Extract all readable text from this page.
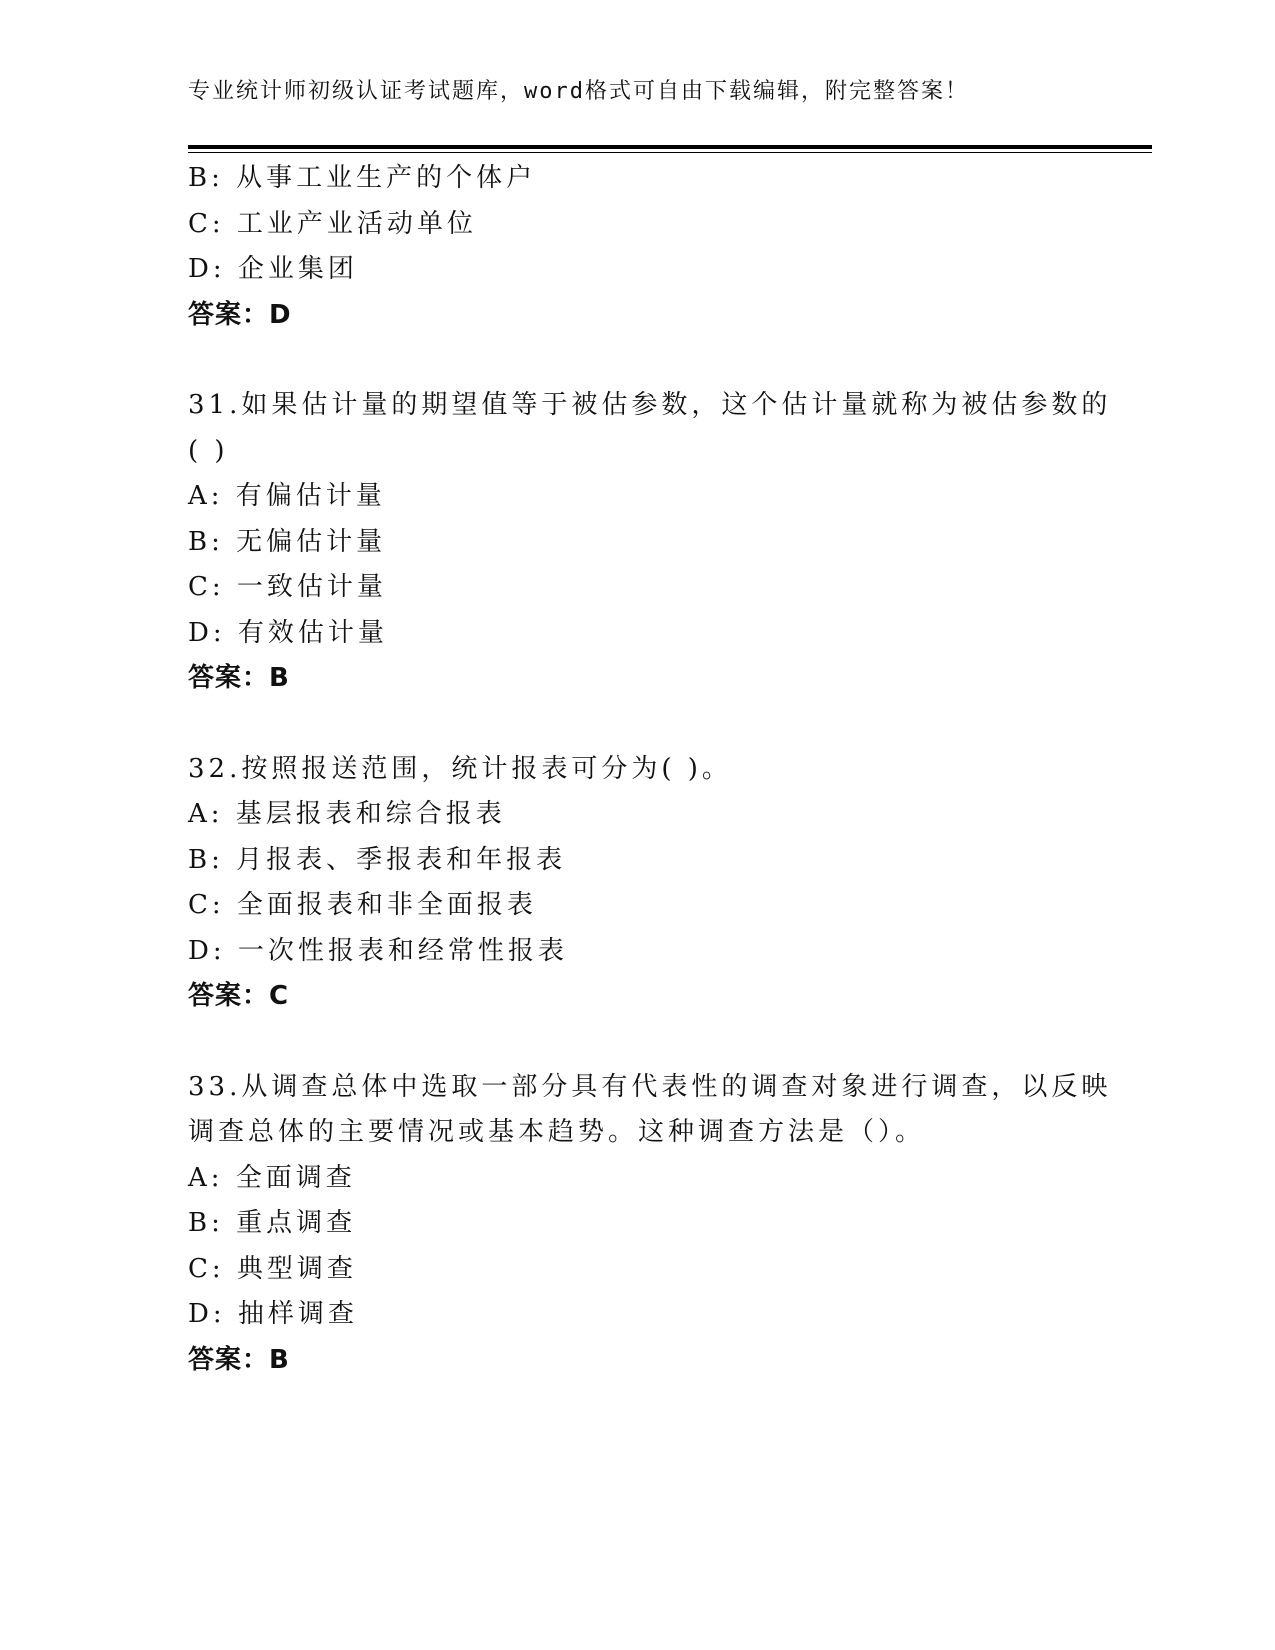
专业统计师初级认证考试题库，word格式可自由下载编辑，附完整答案！
B: 从事工业生产的个体户
C: 工业产业活动单位
D: 企业集团
答案：D
31.如果估计量的期望值等于被估参数，这个估计量就称为被估参数的
( )
A: 有偏估计量
B: 无偏估计量
C: 一致估计量
D: 有效估计量
答案：B
32.按照报送范围，统计报表可分为( )。
A: 基层报表和综合报表
B: 月报表、季报表和年报表
C: 全面报表和非全面报表
D: 一次性报表和经常性报表
答案：C
33.从调查总体中选取一部分具有代表性的调查对象进行调查，以反映
调查总体的主要情况或基本趋势。这种调查方法是（）。
A: 全面调查
B: 重点调查
C: 典型调查
D: 抽样调查
答案：B
